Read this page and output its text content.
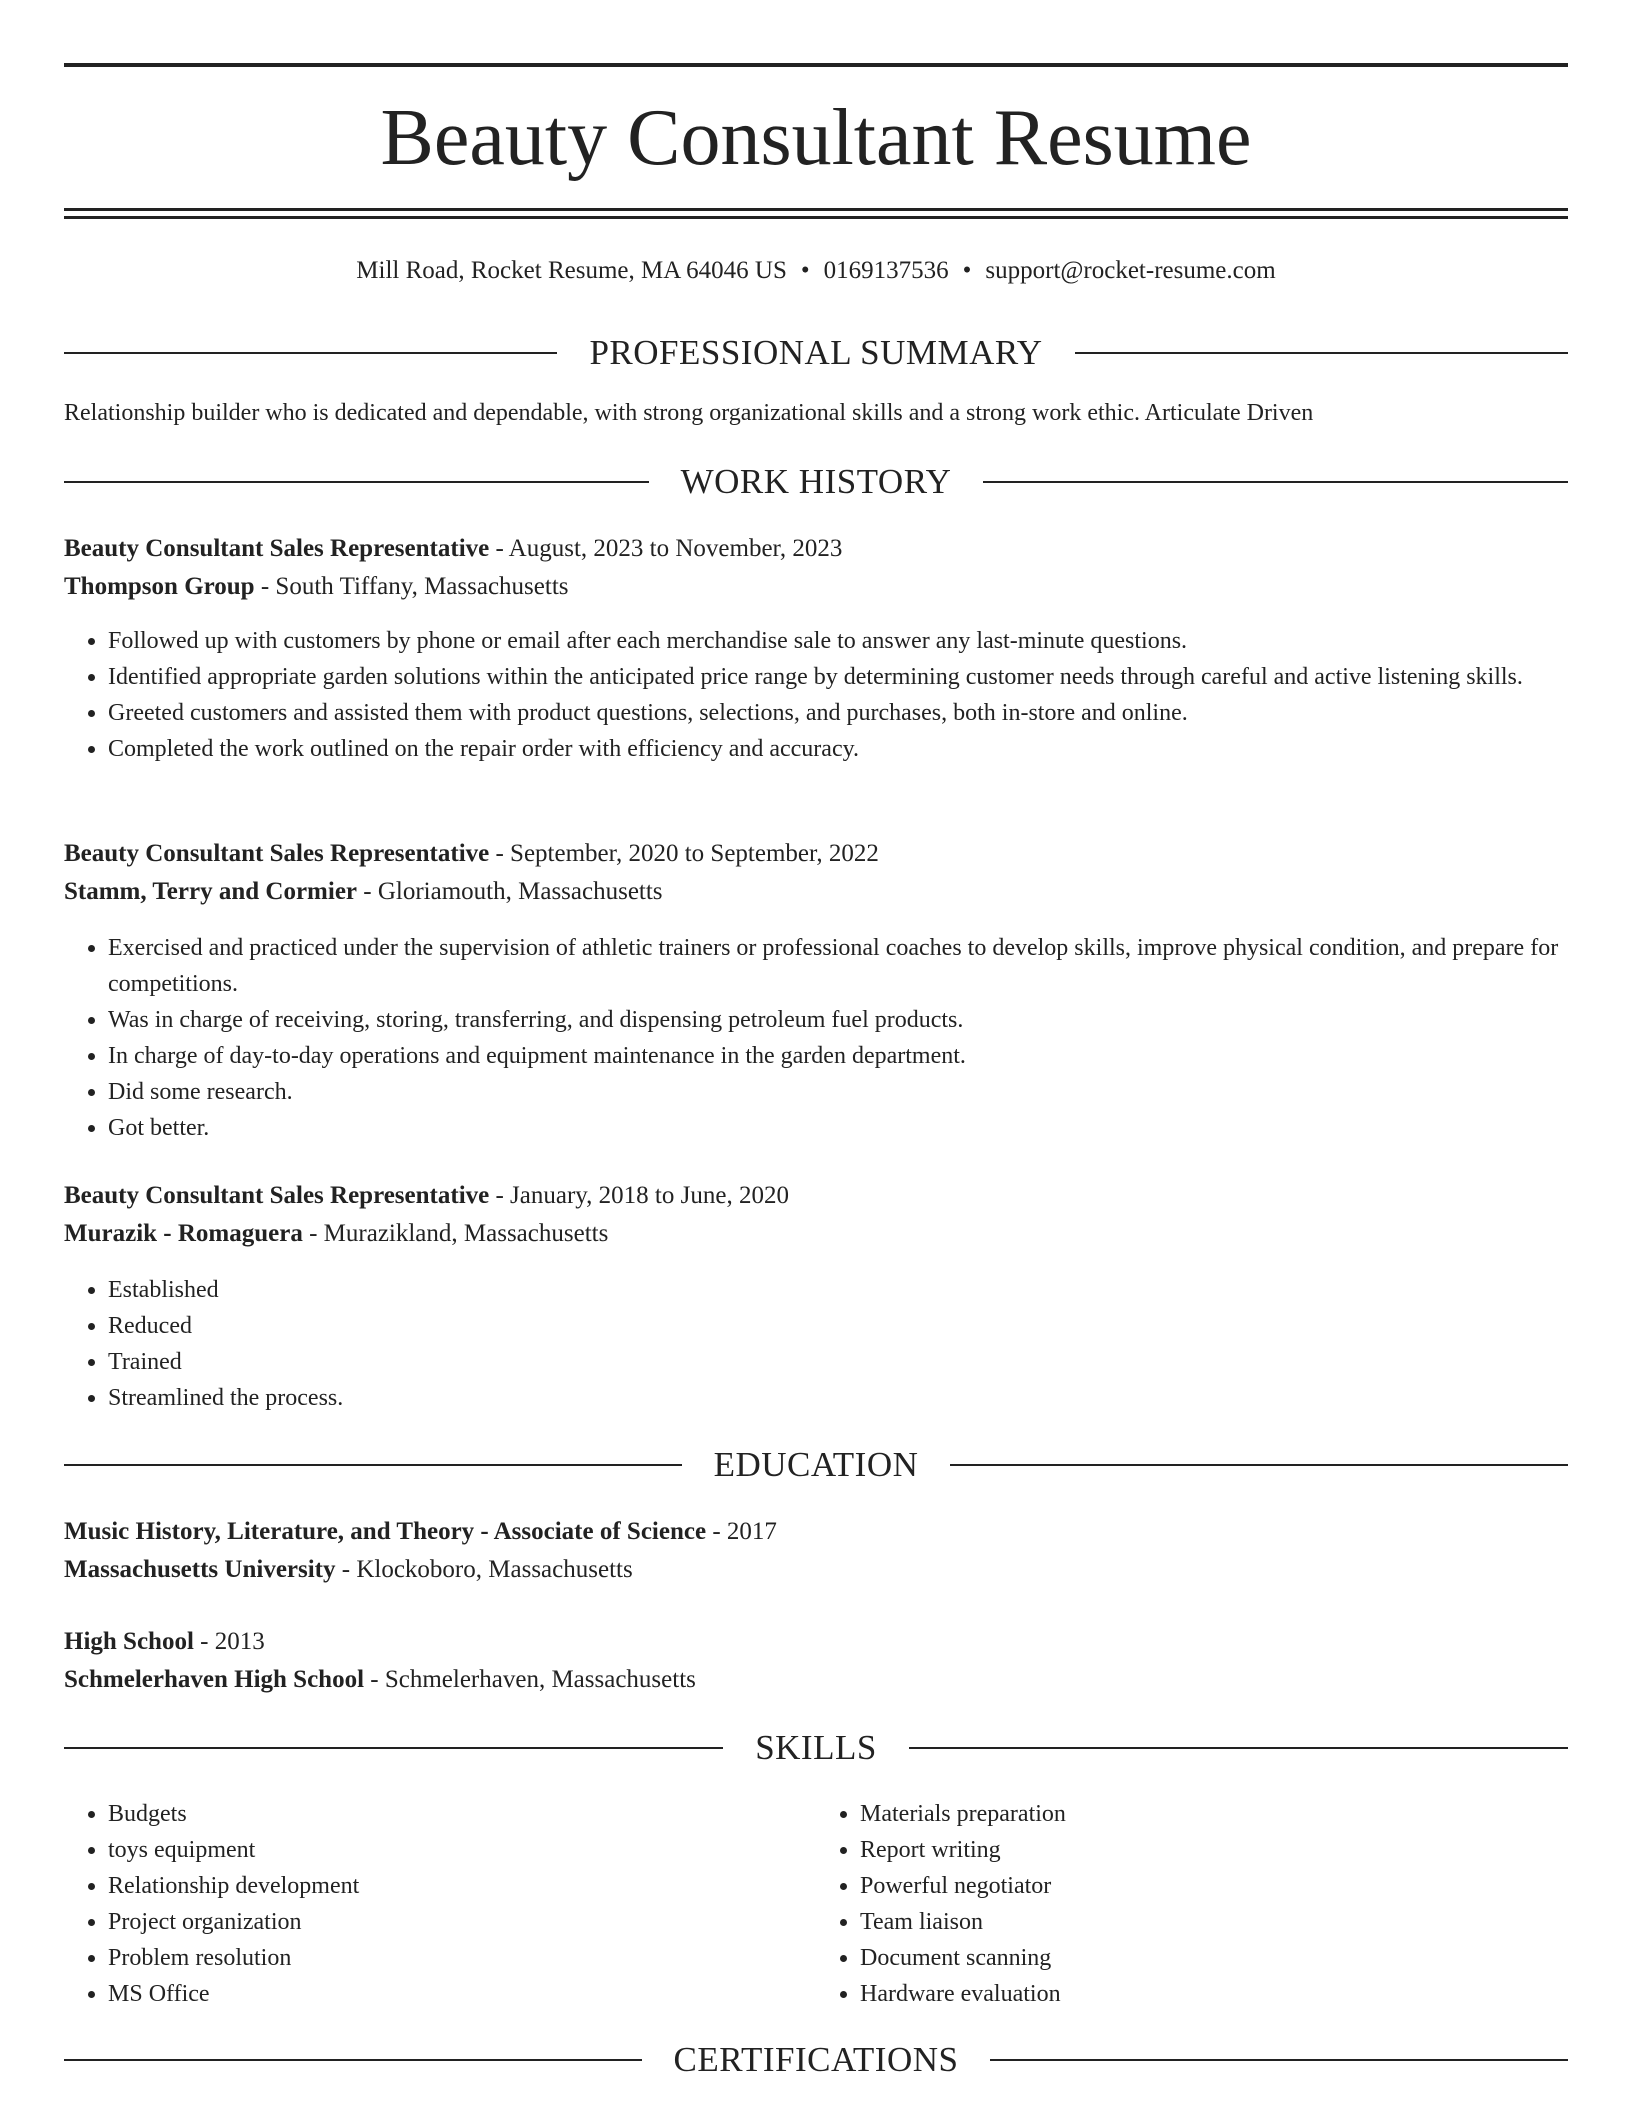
Beauty Consultant Resume
Mill Road, Rocket Resume, MA 64046 US • 0169137536 • support@rocket-resume.com
PROFESSIONAL SUMMARY
Relationship builder who is dedicated and dependable, with strong organizational skills and a strong work ethic. Articulate Driven
WORK HISTORY
Beauty Consultant Sales Representative - August, 2023 to November, 2023
Thompson Group - South Tiffany, Massachusetts
• Followed up with customers by phone or email after each merchandise sale to answer any last-minute questions.
• Identified appropriate garden solutions within the anticipated price range by determining customer needs through careful and active listening skills.
• Greeted customers and assisted them with product questions, selections, and purchases, both in-store and online.
• Completed the work outlined on the repair order with efficiency and accuracy.
Beauty Consultant Sales Representative - September, 2020 to September, 2022
Stamm, Terry and Cormier - Gloriamouth, Massachusetts
• Exercised and practiced under the supervision of athletic trainers or professional coaches to develop skills, improve physical condition, and prepare for competitions.
• Was in charge of receiving, storing, transferring, and dispensing petroleum fuel products.
• In charge of day-to-day operations and equipment maintenance in the garden department.
• Did some research.
• Got better.
Beauty Consultant Sales Representative - January, 2018 to June, 2020
Murazik - Romaguera - Murazikland, Massachusetts
• Established
• Reduced
• Trained
• Streamlined the process.
EDUCATION
Music History, Literature, and Theory - Associate of Science - 2017
Massachusetts University - Klockoboro, Massachusetts
High School - 2013
Schmelerhaven High School - Schmelerhaven, Massachusetts
SKILLS
• Budgets
• toys equipment
• Relationship development
• Project organization
• Problem resolution
• MS Office
• Materials preparation
• Report writing
• Powerful negotiator
• Team liaison
• Document scanning
• Hardware evaluation
CERTIFICATIONS
